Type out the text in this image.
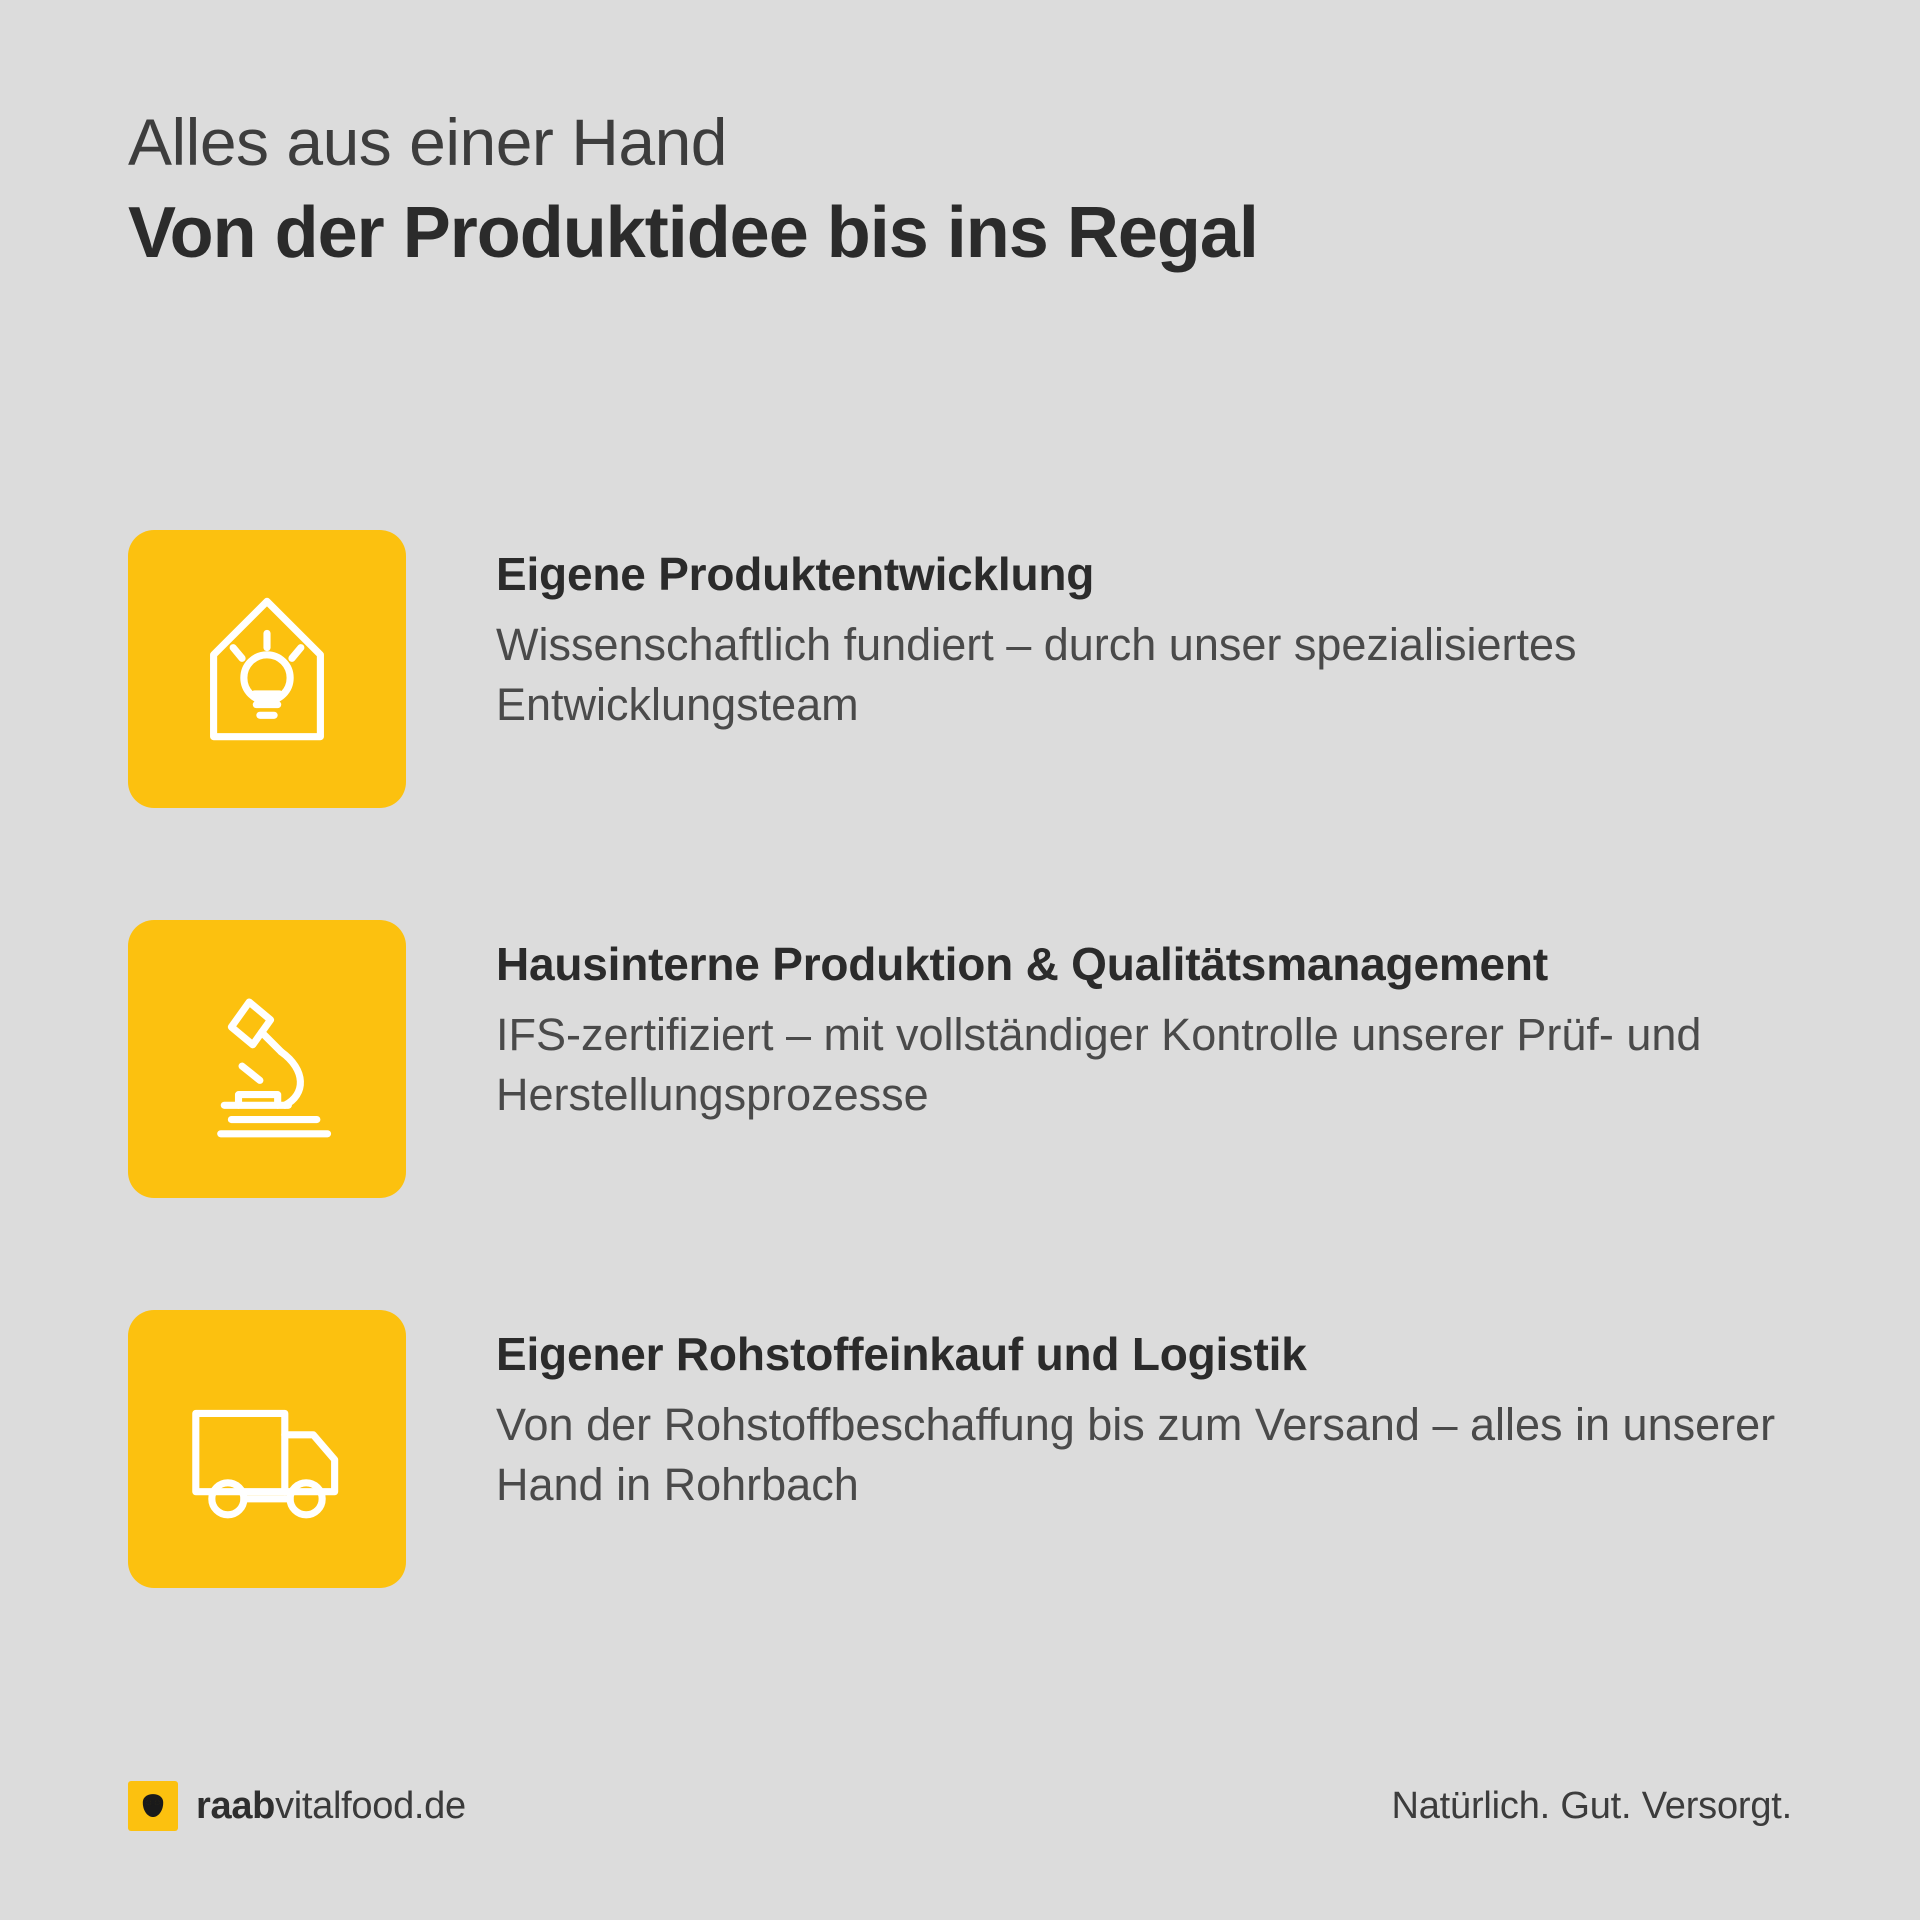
Alles aus einer Hand
Von der Produktidee bis ins Regal
Eigene Produktentwicklung
Wissenschaftlich fundiert – durch unser spezialisiertes Entwicklungsteam
Hausinterne Produktion & Qualitätsmanagement
IFS-zertifiziert – mit vollständiger Kontrolle unserer Prüf- und Herstellungsprozesse
Eigener Rohstoffeinkauf und Logistik
Von der Rohstoffbeschaffung bis zum Versand – alles in unserer Hand in Rohrbach
raabvitalfood.de	Natürlich. Gut. Versorgt.
